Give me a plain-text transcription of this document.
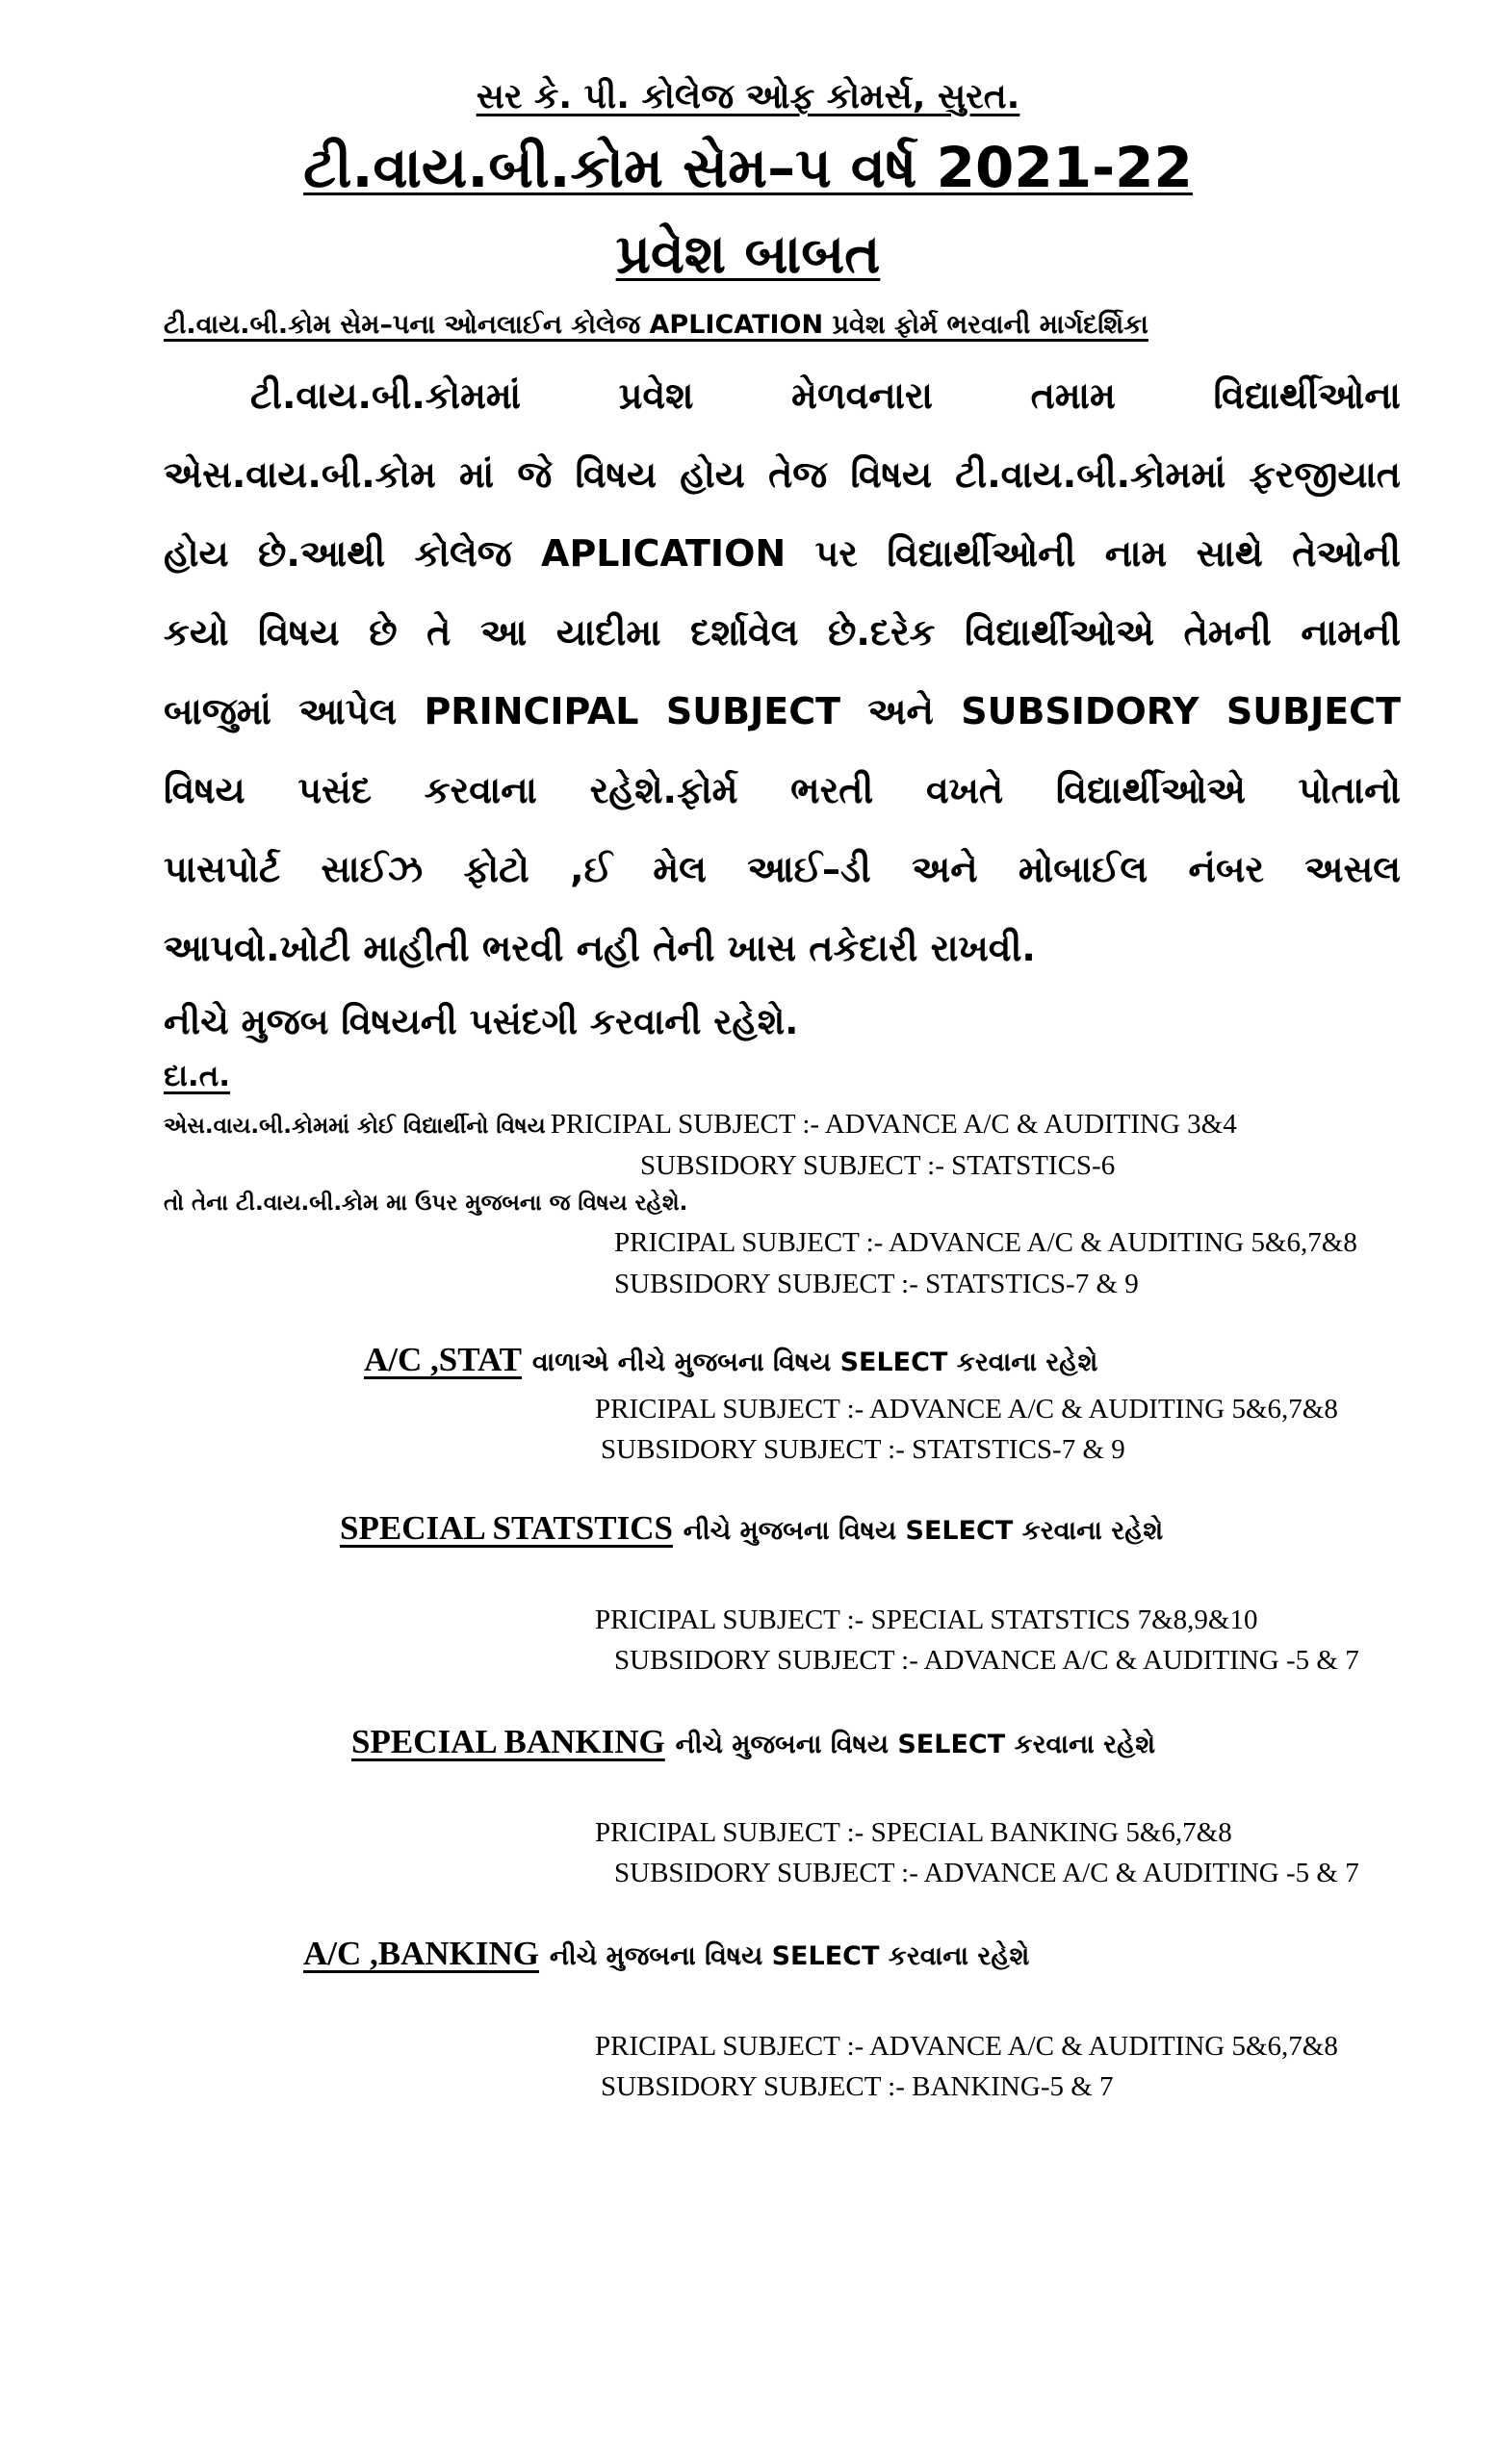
સર કે. પી. કોલેજ ઓફ કોમર્સ, સુરત.
ટી.વાય.બી.કોમ સેમ–પ વર્ષ 2021-22
પ્રવેશ બાબત
ટી.વાય.બી.કોમ સેમ–પના ઓનલાઈન કોલેજ APLICATION પ્રવેશ ફોર્મ ભરવાની માર્ગદર્શિકા
ટી.વાય.બી.કોમમાં પ્રવેશ મેળવનારા તમામ વિદ્યાર્થીઓના
એસ.વાય.બી.કોમ માં જે વિષય હોય તેજ વિષય ટી.વાય.બી.કોમમાં ફરજીયાત
હોય છે.આથી કોલેજ APLICATION પર વિદ્યાર્થીઓની નામ સાથે તેઓની
કયો વિષય છે તે આ યાદીમા દર્શાવેલ છે.દરેક વિદ્યાર્થીઓએ તેમની નામની
બાજુમાં આપેલ PRINCIPAL SUBJECT અને SUBSIDORY SUBJECT
વિષય પસંદ કરવાના રહેશે.ફોર્મ ભરતી વખતે વિદ્યાર્થીઓએ પોતાનો
પાસપોર્ટ સાઈઝ ફોટો ,ઈ મેલ આઈ–ડી અને મોબાઈલ નંબર અસલ
આપવો.ખોટી માહીતી ભરવી નહી તેની ખાસ તકેદારી રાખવી.
નીચે મુજબ વિષયની પસંદગી કરવાની રહેશે.
દા.ત.
એસ.વાય.બી.કોમમાં કોઈ વિદ્યાર્થીનો વિષય PRICIPAL SUBJECT :- ADVANCE A/C & AUDITING 3&4
SUBSIDORY SUBJECT :- STATSTICS-6
તો તેના ટી.વાય.બી.કોમ મા ઉપર મુજબના જ વિષય રહેશે.
PRICIPAL SUBJECT :- ADVANCE A/C & AUDITING 5&6,7&8
SUBSIDORY SUBJECT :- STATSTICS-7 & 9
A/C ,STAT વાળાએ નીચે મુજબના વિષય SELECT કરવાના રહેશે
PRICIPAL SUBJECT :- ADVANCE A/C & AUDITING 5&6,7&8
SUBSIDORY SUBJECT :- STATSTICS-7 & 9
SPECIAL STATSTICS નીચે મુજબના વિષય SELECT કરવાના રહેશે
PRICIPAL SUBJECT :- SPECIAL STATSTICS 7&8,9&10
SUBSIDORY SUBJECT :- ADVANCE A/C & AUDITING -5 & 7
SPECIAL BANKING નીચે મુજબના વિષય SELECT કરવાના રહેશે
PRICIPAL SUBJECT :- SPECIAL BANKING 5&6,7&8
SUBSIDORY SUBJECT :- ADVANCE A/C & AUDITING -5 & 7
A/C ,BANKING નીચે મુજબના વિષય SELECT કરવાના રહેશે
PRICIPAL SUBJECT :- ADVANCE A/C & AUDITING 5&6,7&8
SUBSIDORY SUBJECT :- BANKING-5 & 7
